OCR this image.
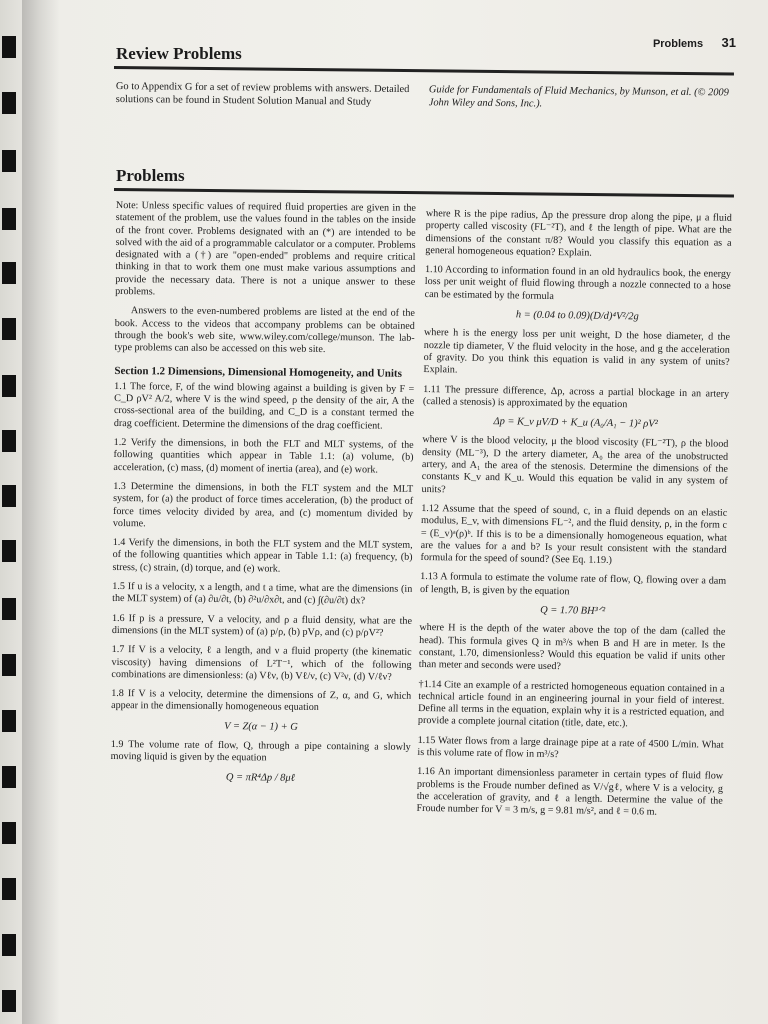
Problems 31
Review Problems
Go to Appendix G for a set of review problems with answers. Detailed solutions can be found in Student Solution Manual and StudyGuide for Fundamentals of Fluid Mechanics, by Munson, et al. (© 2009 John Wiley and Sons, Inc.).
Problems

Note: Unless specific values of required fluid properties are given in the statement of the problem, use the values found in the tables on the inside of the front cover. Problems designated with an (*) are intended to be solved with the aid of a programmable calculator or a computer. Problems designated with a (†) are "open-ended" problems and require critical thinking in that to work them one must make various assumptions and provide the necessary data. There is not a unique answer to these problems.

Answers to the even-numbered problems are listed at the end of the book. Access to the videos that accompany problems can be obtained through the book's web site, www.wiley.com/college/munson. The lab-type problems can also be accessed on this web site.

Section 1.2 Dimensions, Dimensional Homogeneity, and Units

1.1 The force, F, of the wind blowing against a building is given by F = C_D ρV² A/2, where V is the wind speed, ρ the density of the air, A the cross-sectional area of the building, and C_D is a constant termed the drag coefficient. Determine the dimensions of the drag coefficient.

1.2 Verify the dimensions, in both the FLT and MLT systems, of the following quantities which appear in Table 1.1: (a) volume, (b) acceleration, (c) mass, (d) moment of inertia (area), and (e) work.

1.3 Determine the dimensions, in both the FLT system and the MLT system, for (a) the product of force times acceleration, (b) the product of force times velocity divided by area, and (c) momentum divided by volume.

1.4 Verify the dimensions, in both the FLT system and the MLT system, of the following quantities which appear in Table 1.1: (a) frequency, (b) stress, (c) strain, (d) torque, and (e) work.

1.5 If u is a velocity, x a length, and t a time, what are the dimensions (in the MLT system) of (a) ∂u/∂t, (b) ∂²u/∂x∂t, and (c) ∫(∂u/∂t) dx?

1.6 If p is a pressure, V a velocity, and ρ a fluid density, what are the dimensions (in the MLT system) of (a) p/ρ, (b) pVρ, and (c) p/ρV²?

1.7 If V is a velocity, ℓ a length, and ν a fluid property (the kinematic viscosity) having dimensions of L²T⁻¹, which of the following combinations are dimensionless: (a) Vℓν, (b) Vℓ/ν, (c) V²ν, (d) V/ℓν?

1.8 If V is a velocity, determine the dimensions of Z, α, and G, which appear in the dimensionally homogeneous equation

V = Z(α − 1) + G

1.9 The volume rate of flow, Q, through a pipe containing a slowly moving liquid is given by the equation

Q = πR⁴Δp / 8μℓ

where R is the pipe radius, Δp the pressure drop along the pipe, μ a fluid property called viscosity (FL⁻²T), and ℓ the length of pipe. What are the dimensions of the constant π/8? Would you classify this equation as a general homogeneous equation? Explain.

1.10 According to information found in an old hydraulics book, the energy loss per unit weight of fluid flowing through a nozzle connected to a hose can be estimated by the formula

h = (0.04 to 0.09)(D/d)⁴V²/2g

where h is the energy loss per unit weight, D the hose diameter, d the nozzle tip diameter, V the fluid velocity in the hose, and g the acceleration of gravity. Do you think this equation is valid in any system of units? Explain.

1.11 The pressure difference, Δp, across a partial blockage in an artery (called a stenosis) is approximated by the equation

Δp = K_v μV/D + K_u (A₀/A₁ − 1)² ρV²

where V is the blood velocity, μ the blood viscosity (FL⁻²T), ρ the blood density (ML⁻³), D the artery diameter, A₀ the area of the unobstructed artery, and A₁ the area of the stenosis. Determine the dimensions of the constants K_v and K_u. Would this equation be valid in any system of units?

1.12 Assume that the speed of sound, c, in a fluid depends on an elastic modulus, E_v, with dimensions FL⁻², and the fluid density, ρ, in the form c = (E_v)ᵃ(ρ)ᵇ. If this is to be a dimensionally homogeneous equation, what are the values for a and b? Is your result consistent with the standard formula for the speed of sound? (See Eq. 1.19.)

1.13 A formula to estimate the volume rate of flow, Q, flowing over a dam of length, B, is given by the equation

Q = 1.70 BH³ᐟ²

where H is the depth of the water above the top of the dam (called the head). This formula gives Q in m³/s when B and H are in meter. Is the constant, 1.70, dimensionless? Would this equation be valid if units other than meter and seconds were used?

†1.14 Cite an example of a restricted homogeneous equation contained in a technical article found in an engineering journal in your field of interest. Define all terms in the equation, explain why it is a restricted equation, and provide a complete journal citation (title, date, etc.).

1.15 Water flows from a large drainage pipe at a rate of 4500 L/min. What is this volume rate of flow in m³/s?

1.16 An important dimensionless parameter in certain types of fluid flow problems is the Froude number defined as V/√gℓ, where V is a velocity, g the acceleration of gravity, and ℓ a length. Determine the value of the Froude number for V = 3 m/s, g = 9.81 m/s², and ℓ = 0.6 m.
